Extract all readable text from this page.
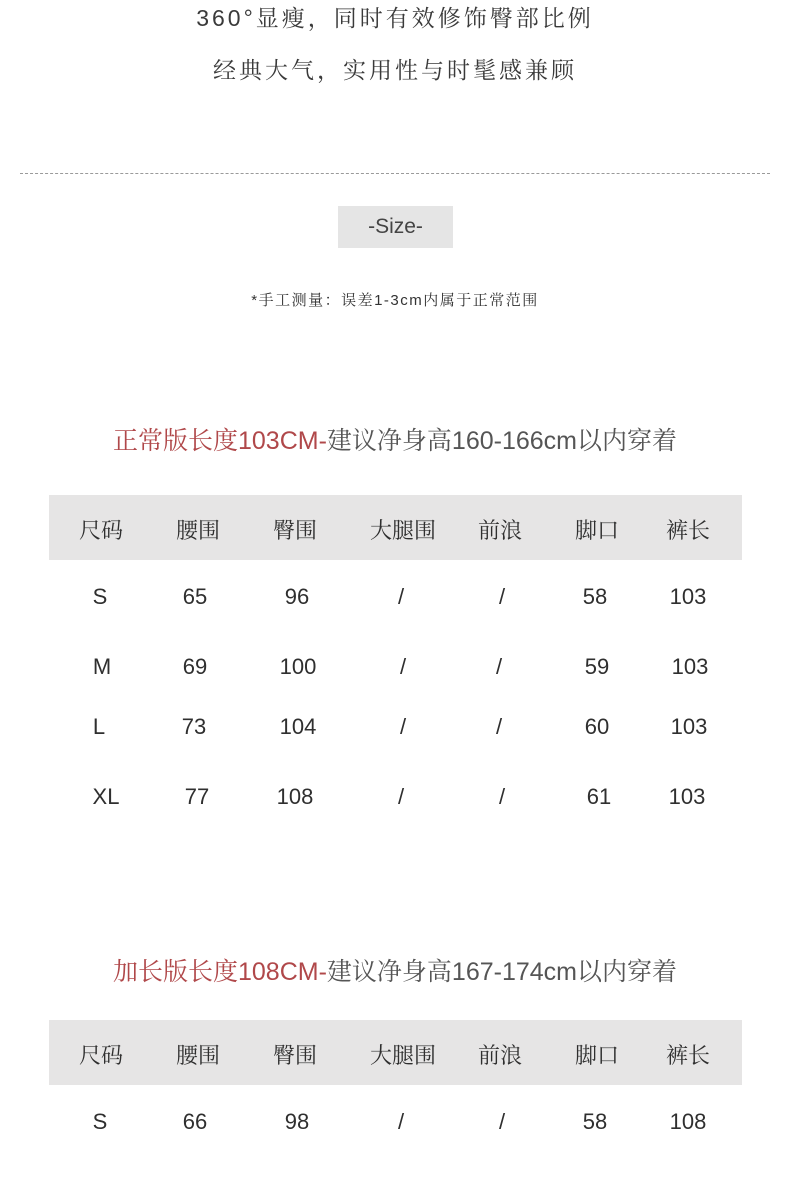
360°显瘦，同时有效修饰臀部比例
经典大气，实用性与时髦感兼顾
-Size-
*手工测量：误差1-3cm内属于正常范围
正常版长度103CM-建议净身高160-166cm以内穿着
尺码	腰围	臀围	大腿围	前浪	脚口	裤长
S	65	96	/	/	58	103
M	69	100	/	/	59	103
L	73	104	/	/	60	103
XL	77	108	/	/	61	103
加长版长度108CM-建议净身高167-174cm以内穿着
尺码	腰围	臀围	大腿围	前浪	脚口	裤长
S	66	98	/	/	58	108
